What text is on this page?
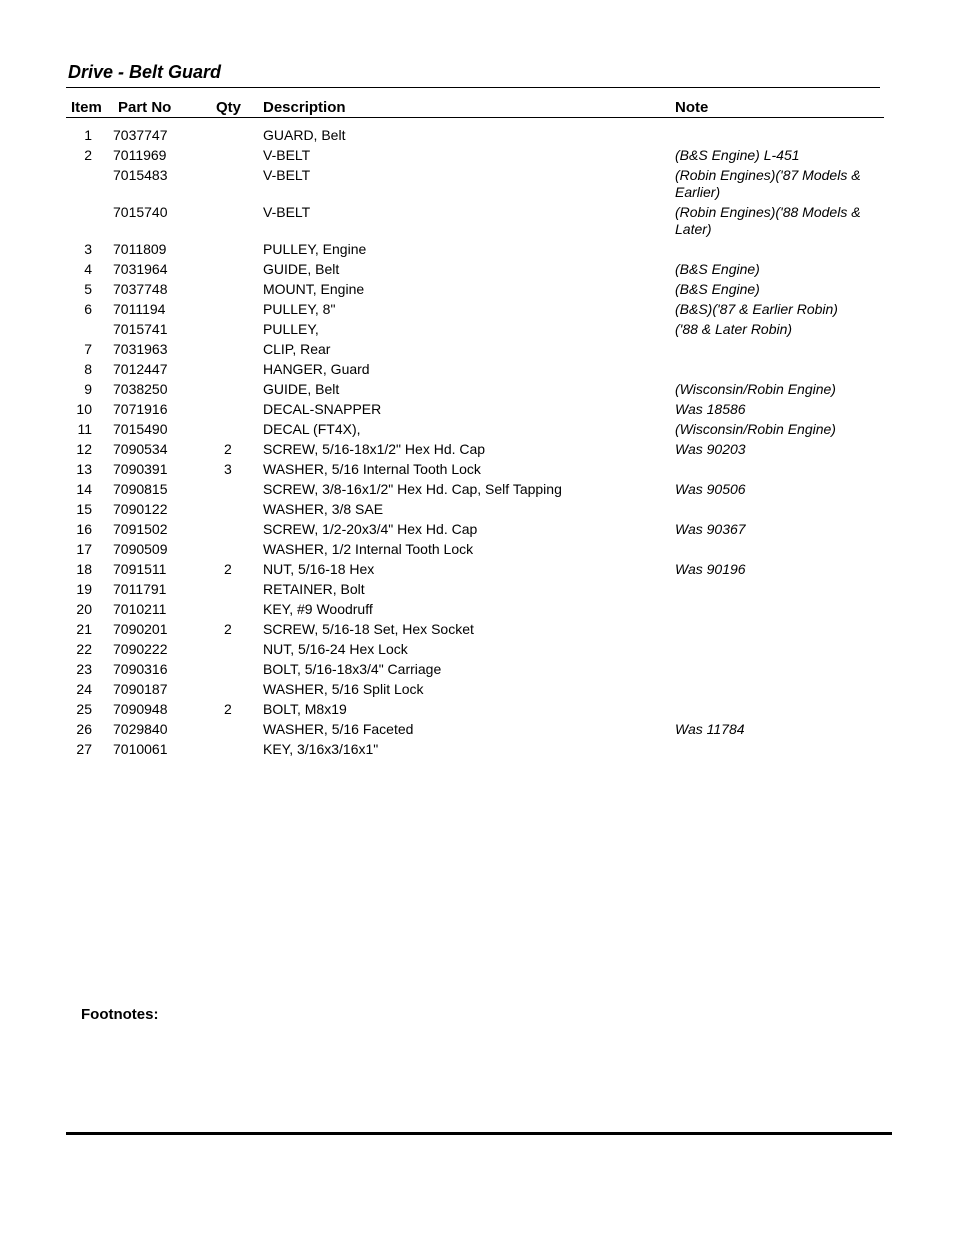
Drive - Belt Guard
Item Part No	Qty Description	Note
1 7037747	GUARD, Belt
2 7011969	V-BELT	(B&S Engine) L-451
7015483	V-BELT	(Robin Engines)('87 Models & Earlier)
7015740	V-BELT	(Robin Engines)('88 Models & Later)
3 7011809	PULLEY, Engine
4 7031964	GUIDE, Belt	(B&S Engine)
5 7037748	MOUNT, Engine	(B&S Engine)
6 7011194	PULLEY, 8"	(B&S)('87 & Earlier Robin)
7015741	PULLEY,	('88 & Later Robin)
7 7031963	CLIP, Rear
8 7012447	HANGER, Guard
9 7038250	GUIDE, Belt	(Wisconsin/Robin Engine)
10 7071916	DECAL-SNAPPER	Was 18586
11 7015490	DECAL (FT4X),	(Wisconsin/Robin Engine)
12 7090534	2 SCREW, 5/16-18x1/2" Hex Hd. Cap	Was 90203
13 7090391	3 WASHER, 5/16 Internal Tooth Lock
14 7090815	SCREW, 3/8-16x1/2" Hex Hd. Cap, Self Tapping	Was 90506
15 7090122	WASHER, 3/8 SAE
16 7091502	SCREW, 1/2-20x3/4" Hex Hd. Cap	Was 90367
17 7090509	WASHER, 1/2 Internal Tooth Lock
18 7091511	2 NUT, 5/16-18 Hex	Was 90196
19 7011791	RETAINER, Bolt
20 7010211	KEY, #9 Woodruff
21 7090201	2 SCREW, 5/16-18 Set, Hex Socket
22 7090222	NUT, 5/16-24 Hex Lock
23 7090316	BOLT, 5/16-18x3/4" Carriage
24 7090187	WASHER, 5/16 Split Lock
25 7090948	2 BOLT, M8x19
26 7029840	WASHER, 5/16 Faceted	Was 11784
27 7010061	KEY, 3/16x3/16x1"
Footnotes:
